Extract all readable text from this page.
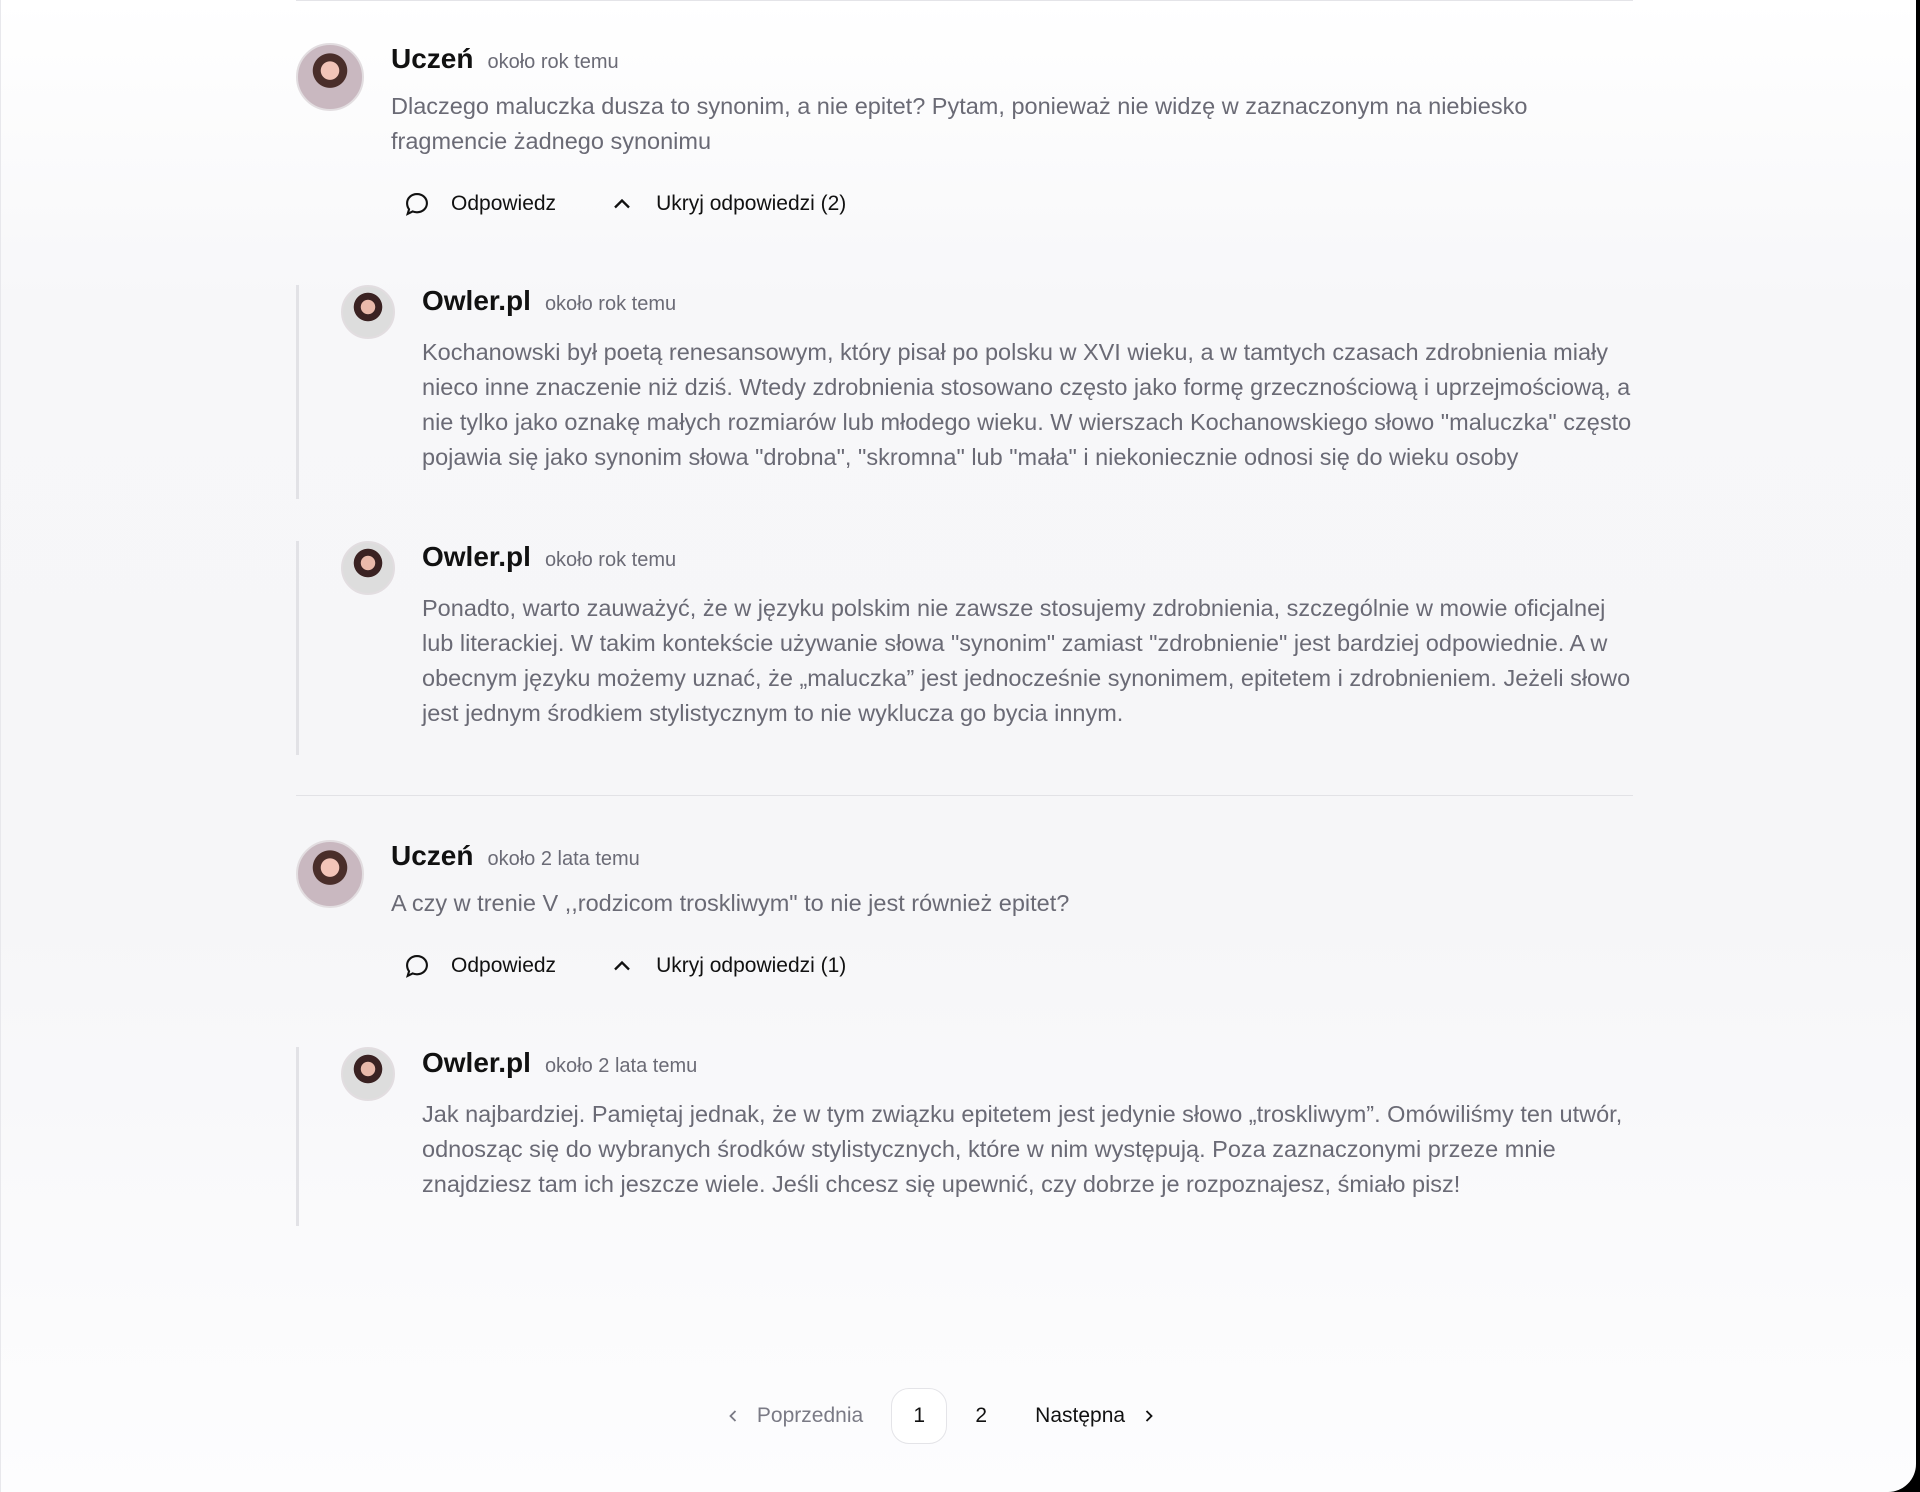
Uczeń około rok temu
Dlaczego maluczka dusza to synonim, a nie epitet? Pytam, ponieważ nie widzę w zaznaczonym na niebiesko fragmencie żadnego synonimu
Odpowiedz	Ukryj odpowiedzi (2)
Owler.pl około rok temu
Kochanowski był poetą renesansowym, który pisał po polsku w XVI wieku, a w tamtych czasach zdrobnienia miały nieco inne znaczenie niż dziś. Wtedy zdrobnienia stosowano często jako formę grzecznościową i uprzejmościową, a nie tylko jako oznakę małych rozmiarów lub młodego wieku. W wierszach Kochanowskiego słowo "maluczka" często pojawia się jako synonim słowa "drobna", "skromna" lub "mała" i niekoniecznie odnosi się do wieku osoby
Owler.pl około rok temu
Ponadto, warto zauważyć, że w języku polskim nie zawsze stosujemy zdrobnienia, szczególnie w mowie oficjalnej lub literackiej. W takim kontekście używanie słowa "synonim" zamiast "zdrobnienie" jest bardziej odpowiednie. A w obecnym języku możemy uznać, że „maluczka” jest jednocześnie synonimem, epitetem i zdrobnieniem. Jeżeli słowo jest jednym środkiem stylistycznym to nie wyklucza go bycia innym.
Uczeń około 2 lata temu
A czy w trenie V ,,rodzicom troskliwym" to nie jest również epitet?
Odpowiedz	Ukryj odpowiedzi (1)
Owler.pl około 2 lata temu
Jak najbardziej. Pamiętaj jednak, że w tym związku epitetem jest jedynie słowo „troskliwym”. Omówiliśmy ten utwór, odnosząc się do wybranych środków stylistycznych, które w nim występują. Poza zaznaczonymi przeze mnie znajdziesz tam ich jeszcze wiele. Jeśli chcesz się upewnić, czy dobrze je rozpoznajesz, śmiało pisz!
Poprzednia	1	2	Następna
